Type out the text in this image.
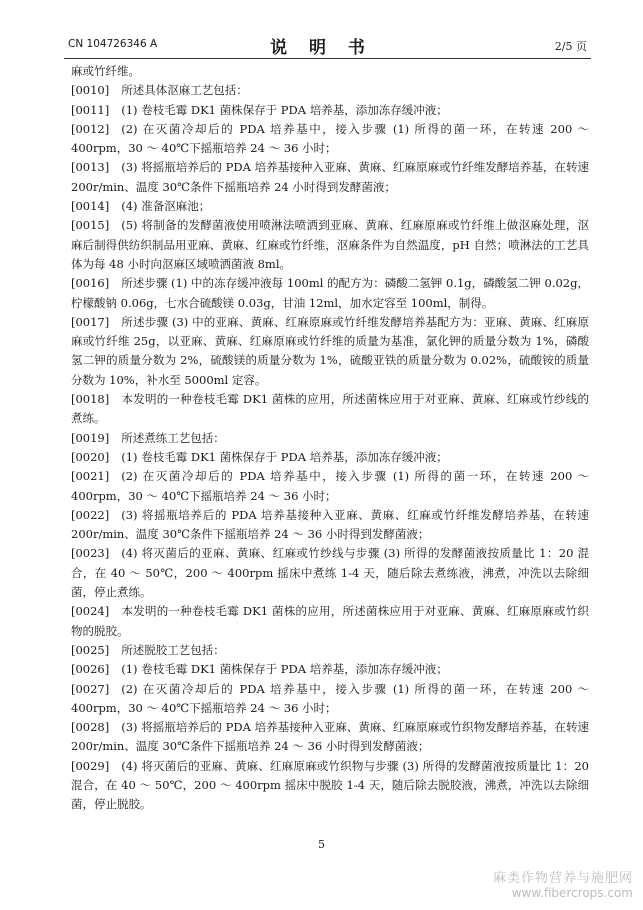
CN 104726346 A	说 明 书	2/5 页

麻或竹纤维。

[0010] 所述具体沤麻工艺包括：

[0011] (1) 卷枝毛霉 DK1 菌株保存于 PDA 培养基，添加冻存缓冲液；

[0012] (2) 在灭菌冷却后的 PDA 培养基中，接入步骤 (1) 所得的菌一环，在转速 200 ～ 400rpm，30 ～ 40℃下摇瓶培养 24 ～ 36 小时；

[0013] (3) 将摇瓶培养后的 PDA 培养基接种入亚麻、黄麻、红麻原麻或竹纤维发酵培养基，在转速 200r/min、温度 30℃条件下摇瓶培养 24 小时得到发酵菌液；

[0014] (4) 准备沤麻池；

[0015] (5) 将制备的发酵菌液使用喷淋法喷洒到亚麻、黄麻、红麻原麻或竹纤维上做沤麻处理，沤麻后制得供纺织制品用亚麻、黄麻、红麻或竹纤维，沤麻条件为自然温度，pH 自然；喷淋法的工艺具体为每 48 小时向沤麻区域喷洒菌液 8ml。

[0016] 所述步骤 (1) 中的冻存缓冲液每 100ml 的配方为：磷酸二氢钾 0.1g，磷酸氢二钾 0.02g，柠檬酸钠 0.06g，七水合硫酸镁 0.03g，甘油 12ml，加水定容至 100ml，制得。

[0017] 所述步骤 (3) 中的亚麻、黄麻、红麻原麻或竹纤维发酵培养基配方为：亚麻、黄麻、红麻原麻或竹纤维 25g，以亚麻、黄麻、红麻原麻或竹纤维的质量为基准，氯化钾的质量分数为 1%，磷酸氢二钾的质量分数为 2%，硫酸镁的质量分数为 1%，硫酸亚铁的质量分数为 0.02%，硫酸铵的质量分数为 10%，补水至 5000ml 定容。

[0018] 本发明的一种卷枝毛霉 DK1 菌株的应用，所述菌株应用于对亚麻、黄麻、红麻或竹纱线的煮练。

[0019] 所述煮练工艺包括：

[0020] (1) 卷枝毛霉 DK1 菌株保存于 PDA 培养基，添加冻存缓冲液；

[0021] (2) 在灭菌冷却后的 PDA 培养基中，接入步骤 (1) 所得的菌一环，在转速 200 ～ 400rpm，30 ～ 40℃下摇瓶培养 24 ～ 36 小时；

[0022] (3) 将摇瓶培养后的 PDA 培养基接种入亚麻、黄麻、红麻或竹纤维发酵培养基，在转速 200r/min、温度 30℃条件下摇瓶培养 24 ～ 36 小时得到发酵菌液；

[0023] (4) 将灭菌后的亚麻、黄麻、红麻或竹纱线与步骤 (3) 所得的发酵菌液按质量比 1：20 混合，在 40 ～ 50℃，200 ～ 400rpm 摇床中煮练 1-4 天，随后除去煮练液，沸煮，冲洗以去除细菌，停止煮练。

[0024] 本发明的一种卷枝毛霉 DK1 菌株的应用，所述菌株应用于对亚麻、黄麻、红麻原麻或竹织物的脱胶。

[0025] 所述脱胶工艺包括：

[0026] (1) 卷枝毛霉 DK1 菌株保存于 PDA 培养基，添加冻存缓冲液；

[0027] (2) 在灭菌冷却后的 PDA 培养基中，接入步骤 (1) 所得的菌一环，在转速 200 ～ 400rpm，30 ～ 40℃下摇瓶培养 24 ～ 36 小时；

[0028] (3) 将摇瓶培养后的 PDA 培养基接种入亚麻、黄麻、红麻原麻或竹织物发酵培养基，在转速 200r/min、温度 30℃条件下摇瓶培养 24 ～ 36 小时得到发酵菌液；

[0029] (4) 将灭菌后的亚麻、黄麻、红麻原麻或竹织物与步骤 (3) 所得的发酵菌液按质量比 1：20 混合，在 40 ～ 50℃，200 ～ 400rpm 摇床中脱胶 1-4 天，随后除去脱胶液，沸煮，冲洗以去除细菌，停止脱胶。

5
麻类作物营养与施肥网
www.fibercrops.com
